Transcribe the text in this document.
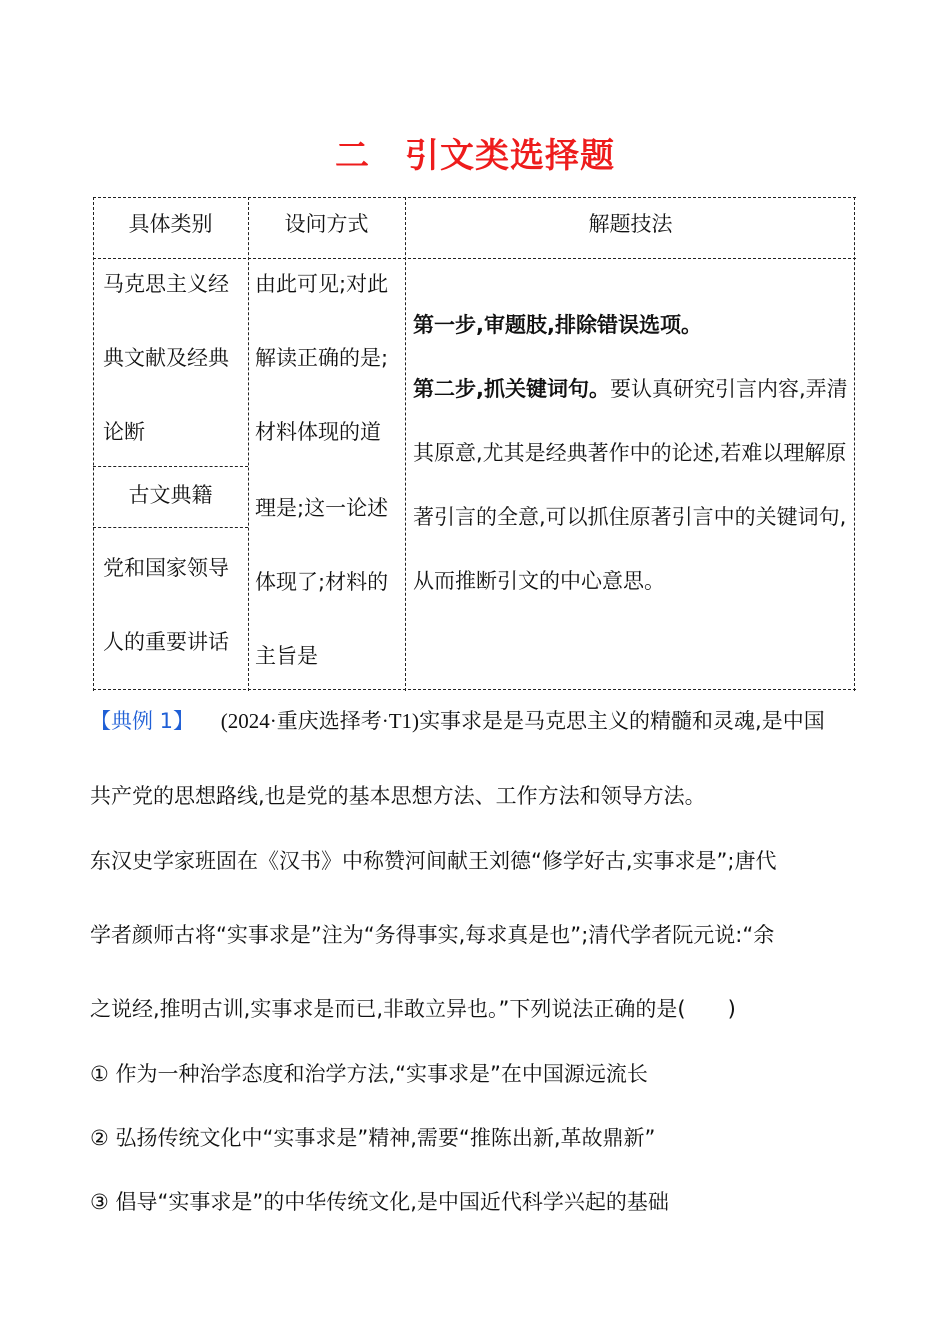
二　引文类选择题
具体类别	设问方式	解题技法
马克思主义经
典文献及经典
论断
古文典籍
党和国家领导
人的重要讲话
由此可见;对此
解读正确的是;
材料体现的道
理是;这一论述
体现了;材料的
主旨是
第一步,审题肢,排除错误选项。
第二步,抓关键词句。要认真研究引言内容,弄清其原意,尤其是经典著作中的论述,若难以理解原著引言的全意,可以抓住原著引言中的关键词句,从而推断引文的中心意思。
【典例 1】 (2024·重庆选择考·T1)实事求是是马克思主义的精髓和灵魂,是中国
共产党的思想路线,也是党的基本思想方法、工作方法和领导方法。
东汉史学家班固在《汉书》中称赞河间献王刘德“修学好古,实事求是”;唐代
学者颜师古将“实事求是”注为“务得事实,每求真是也”;清代学者阮元说:“余
之说经,推明古训,实事求是而已,非敢立异也。”下列说法正确的是(　　)
① 作为一种治学态度和治学方法,“实事求是”在中国源远流长
② 弘扬传统文化中“实事求是”精神,需要“推陈出新,革故鼎新”
③ 倡导“实事求是”的中华传统文化,是中国近代科学兴起的基础
